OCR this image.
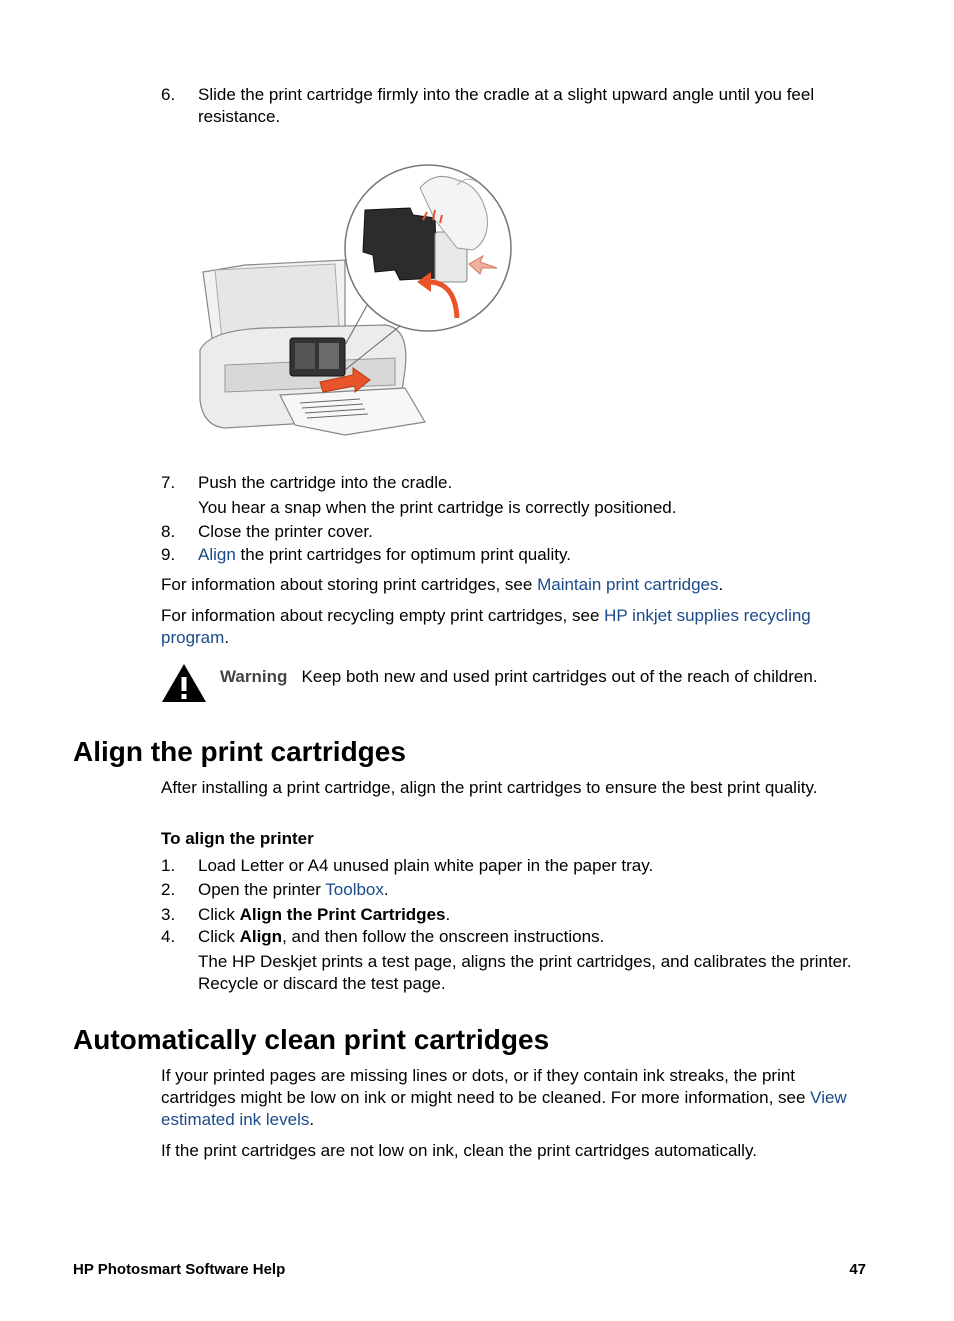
6.	Slide the print cartridge firmly into the cradle at a slight upward angle until you feel resistance.
7.	Push the cartridge into the cradle.
You hear a snap when the print cartridge is correctly positioned.
8.	Close the printer cover.
9.	Align the print cartridges for optimum print quality.
For information about storing print cartridges, see Maintain print cartridges.
For information about recycling empty print cartridges, see HP inkjet supplies recycling program.
Warning Keep both new and used print cartridges out of the reach of children.
Align the print cartridges
After installing a print cartridge, align the print cartridges to ensure the best print quality.
To align the printer
1.	Load Letter or A4 unused plain white paper in the paper tray.
2.	Open the printer Toolbox.
3.	Click Align the Print Cartridges.
4.	Click Align, and then follow the onscreen instructions.
The HP Deskjet prints a test page, aligns the print cartridges, and calibrates the printer. Recycle or discard the test page.
Automatically clean print cartridges
If your printed pages are missing lines or dots, or if they contain ink streaks, the print cartridges might be low on ink or might need to be cleaned. For more information, see View estimated ink levels.
If the print cartridges are not low on ink, clean the print cartridges automatically.
HP Photosmart Software Help	47
